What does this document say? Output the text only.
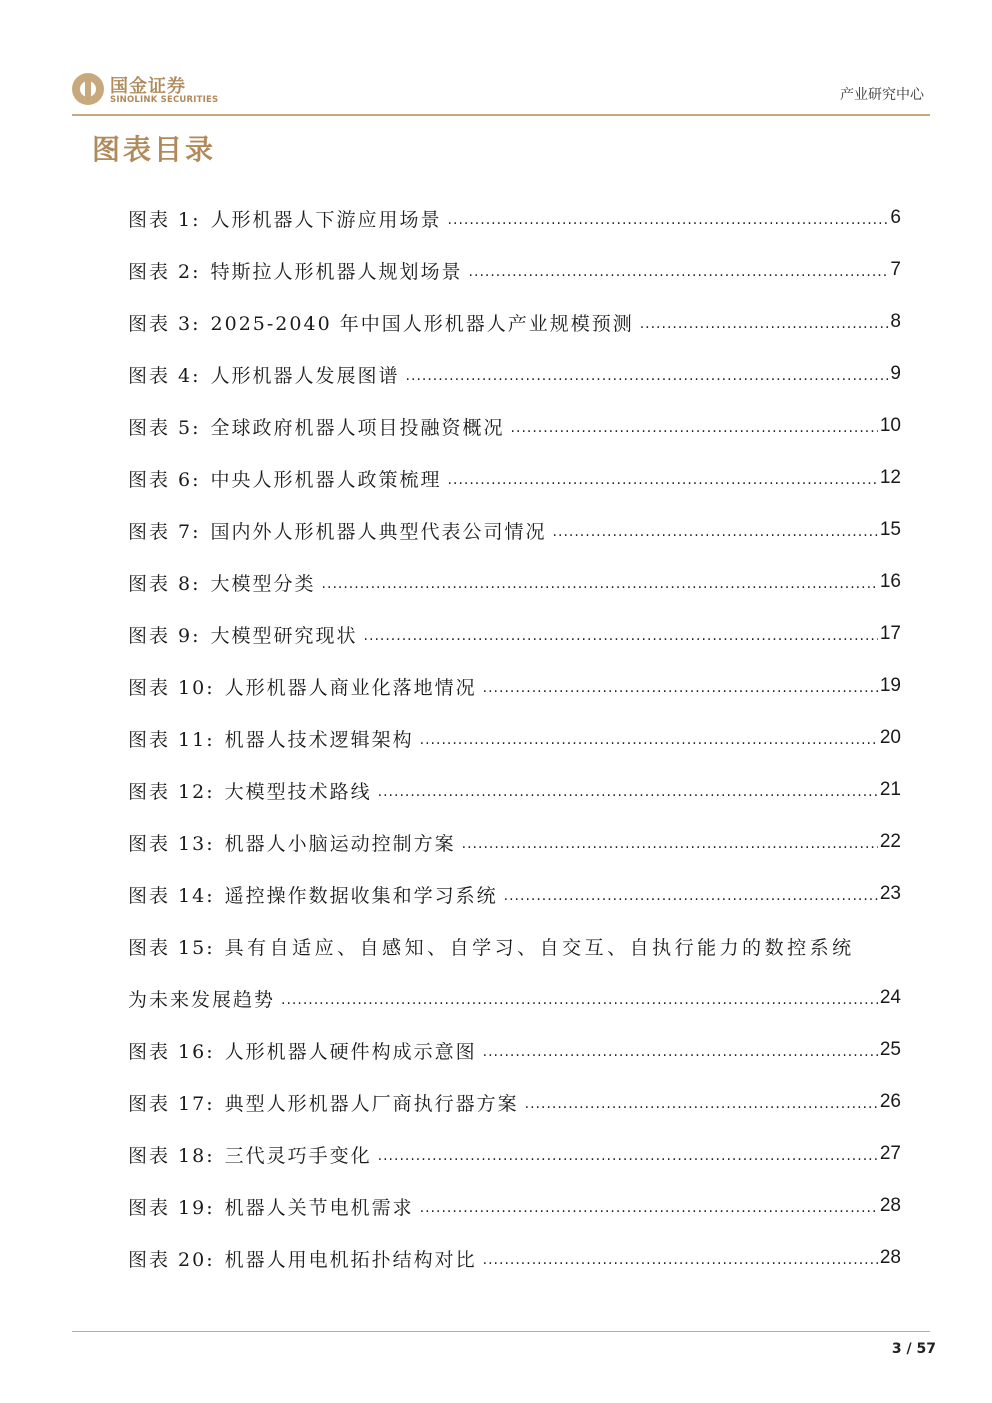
国金证券
SINOLINK SECURITIES	产业研究中心
图表目录
图表 1: 人形机器人下游应用场景 .....	6
图表 2: 特斯拉人形机器人规划场景 .....	7
图表 3: 2025-2040 年中国人形机器人产业规模预测 .....	8
图表 4: 人形机器人发展图谱 .....	9
图表 5: 全球政府机器人项目投融资概况 .....	10
图表 6: 中央人形机器人政策梳理 .....	12
图表 7: 国内外人形机器人典型代表公司情况 .....	15
图表 8: 大模型分类 .....	16
图表 9: 大模型研究现状 .....	17
图表 10: 人形机器人商业化落地情况 .....	19
图表 11: 机器人技术逻辑架构 .....	20
图表 12: 大模型技术路线 .....	21
图表 13: 机器人小脑运动控制方案 .....	22
图表 14: 遥控操作数据收集和学习系统 .....	23
图表 15: 具有自适应、自感知、自学习、自交互、自执行能力的数控系统
为未来发展趋势 .....	24
图表 16: 人形机器人硬件构成示意图 .....	25
图表 17: 典型人形机器人厂商执行器方案 .....	26
图表 18: 三代灵巧手变化 .....	27
图表 19: 机器人关节电机需求 .....	28
图表 20: 机器人用电机拓扑结构对比 .....	28
3 / 57
